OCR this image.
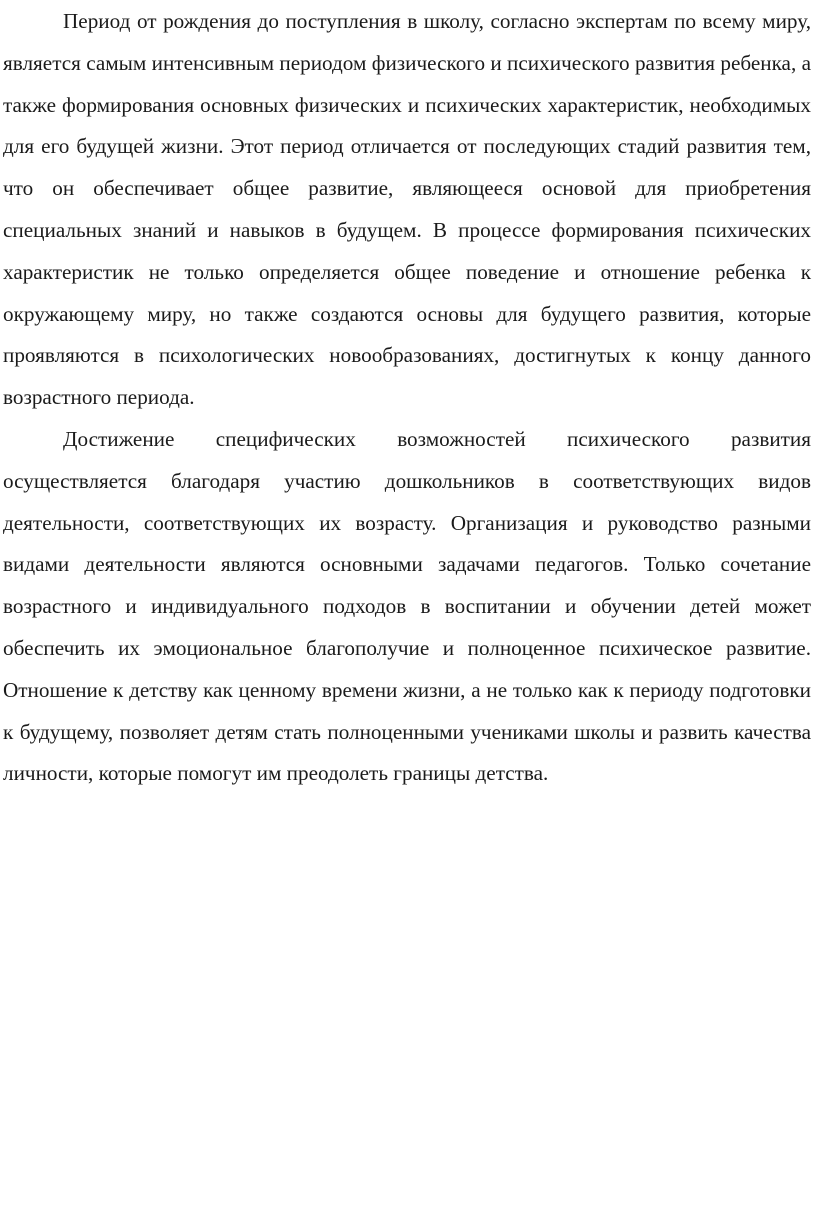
Период от рождения до поступления в школу, согласно экспертам по всему миру, является самым интенсивным периодом физического и психического развития ребенка, а также формирования основных физических и психических характеристик, необходимых для его будущей жизни. Этот период отличается от последующих стадий развития тем, что он обеспечивает общее развитие, являющееся основой для приобретения специальных знаний и навыков в будущем. В процессе формирования психических характеристик не только определяется общее поведение и отношение ребенка к окружающему миру, но также создаются основы для будущего развития, которые проявляются в психологических новообразованиях, достигнутых к концу данного возрастного периода.

Достижение специфических возможностей психического развития осуществляется благодаря участию дошкольников в соответствующих видов деятельности, соответствующих их возрасту. Организация и руководство разными видами деятельности являются основными задачами педагогов. Только сочетание возрастного и индивидуального подходов в воспитании и обучении детей может обеспечить их эмоциональное благополучие и полноценное психическое развитие. Отношение к детству как ценному времени жизни, а не только как к периоду подготовки к будущему, позволяет детям стать полноценными учениками школы и развить качества личности, которые помогут им преодолеть границы детства.
